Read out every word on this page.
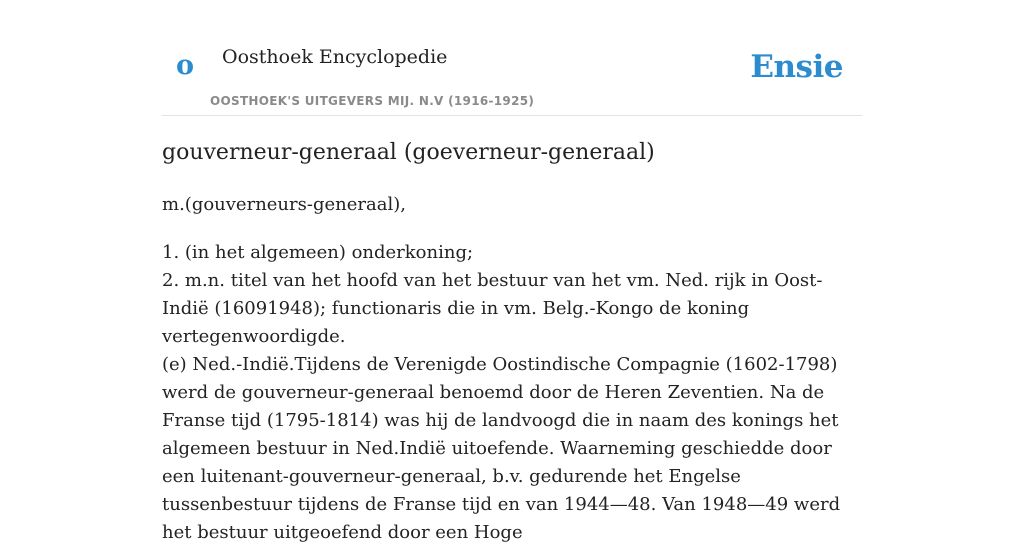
o Oosthoek Encyclopedie
OOSTHOEK'S UITGEVERS MIJ. N.V (1916-1925)
Ensie
gouverneur-generaal (goeverneur-generaal)
m.(gouverneurs-generaal),
1. (in het algemeen) onderkoning;
2. m.n. titel van het hoofd van het bestuur van het vm. Ned. rijk in Oost-Indië (16091948); functionaris die in vm. Belg.-Kongo de koning vertegenwoordigde.
(e) Ned.-Indië.Tijdens de Verenigde Oostindische Compagnie (1602-1798) werd de gouverneur-generaal benoemd door de Heren Zeventien. Na de Franse tijd (1795-1814) was hij de landvoogd die in naam des konings het algemeen bestuur in Ned.Indië uitoefende. Waarneming geschiedde door een luitenant-gouverneur-generaal, b.v. gedurende het Engelse tussenbestuur tijdens de Franse tijd en van 1944—48. Van 1948—49 werd het bestuur uitgeoefend door een Hoge
